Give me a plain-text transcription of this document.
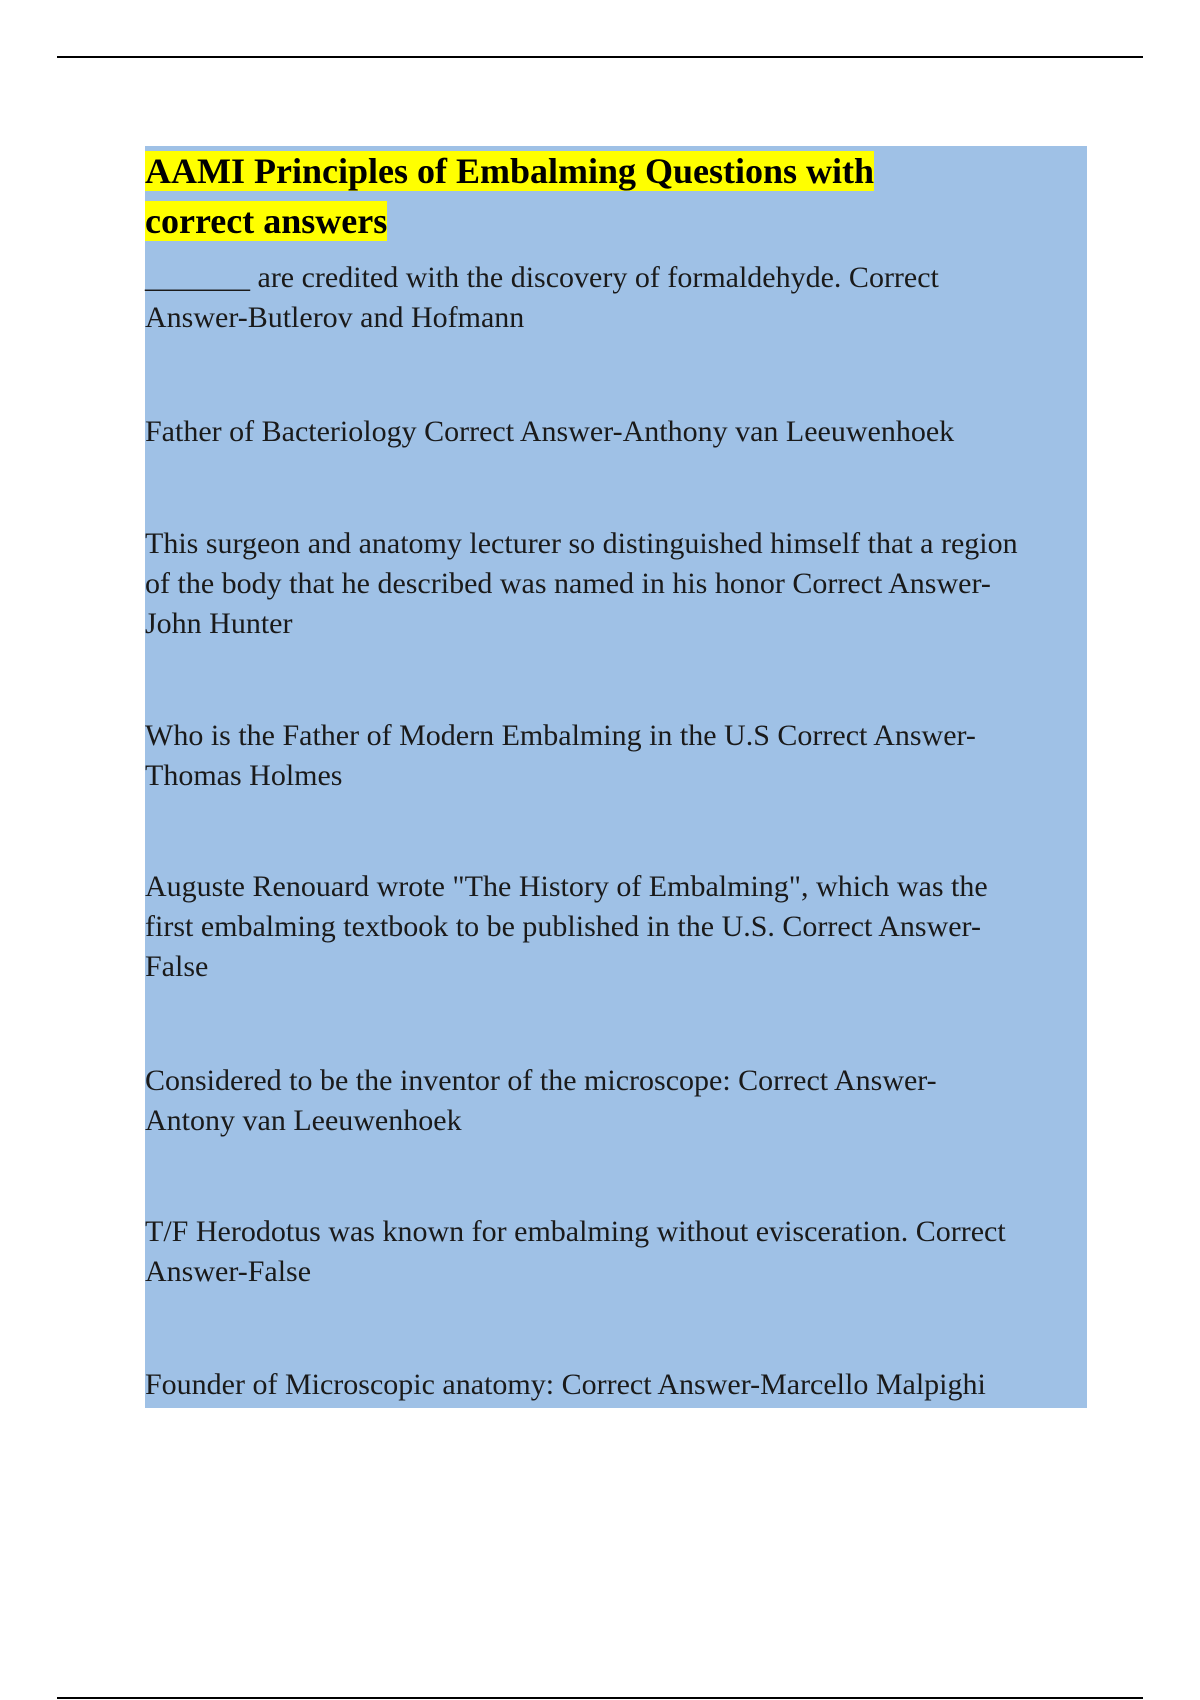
AAMI Principles of Embalming Questions with
correct answers

_______ are credited with the discovery of formaldehyde. Correct
Answer-Butlerov and Hofmann

Father of Bacteriology Correct Answer-Anthony van Leeuwenhoek

This surgeon and anatomy lecturer so distinguished himself that a region
of the body that he described was named in his honor Correct Answer-
John Hunter

Who is the Father of Modern Embalming in the U.S Correct Answer-
Thomas Holmes

Auguste Renouard wrote "The History of Embalming", which was the
first embalming textbook to be published in the U.S. Correct Answer-
False

Considered to be the inventor of the microscope: Correct Answer-
Antony van Leeuwenhoek

T/F Herodotus was known for embalming without evisceration. Correct
Answer-False

Founder of Microscopic anatomy: Correct Answer-Marcello Malpighi
